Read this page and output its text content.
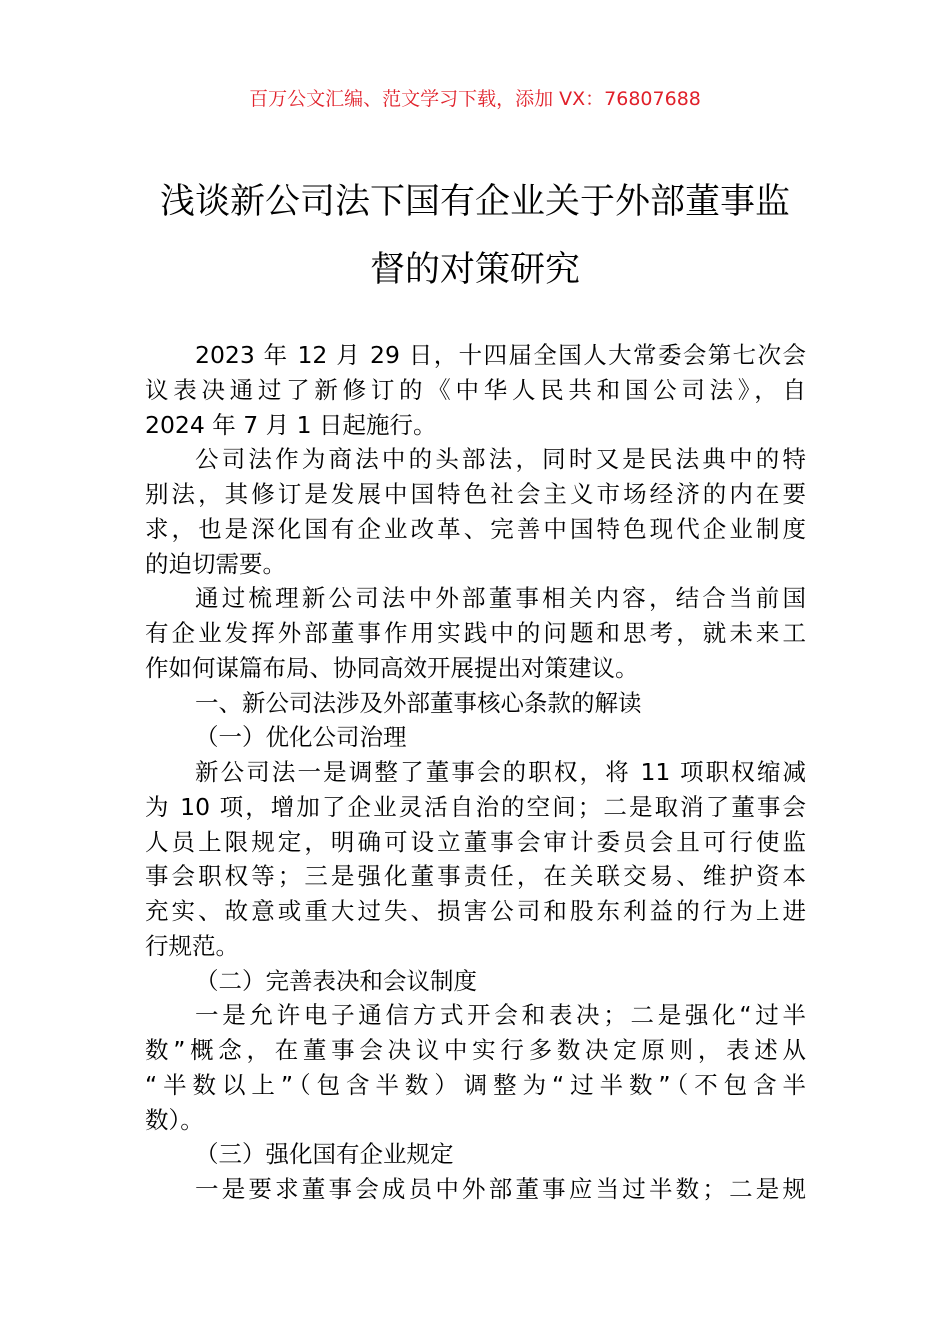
百万公文汇编、范文学习下载，添加 VX：76807688
浅谈新公司法下国有企业关于外部董事监
督的对策研究
2023 年 12 月 29 日，十四届全国人大常委会第七次会
议表决通过了新修订的《中华人民共和国公司法》，自
2024 年 7 月 1 日起施行。
公司法作为商法中的头部法，同时又是民法典中的特
别法，其修订是发展中国特色社会主义市场经济的内在要
求，也是深化国有企业改革、完善中国特色现代企业制度
的迫切需要。
通过梳理新公司法中外部董事相关内容，结合当前国
有企业发挥外部董事作用实践中的问题和思考，就未来工
作如何谋篇布局、协同高效开展提出对策建议。
一、新公司法涉及外部董事核心条款的解读
（一）优化公司治理
新公司法一是调整了董事会的职权，将 11 项职权缩减
为 10 项，增加了企业灵活自治的空间；二是取消了董事会
人员上限规定，明确可设立董事会审计委员会且可行使监
事会职权等；三是强化董事责任，在关联交易、维护资本
充实、故意或重大过失、损害公司和股东利益的行为上进
行规范。
（二）完善表决和会议制度
一是允许电子通信方式开会和表决；二是强化“过半
数”概念，在董事会决议中实行多数决定原则，表述从
“半数以上”（包含半数）调整为“过半数”（不包含半
数）。
（三）强化国有企业规定
一是要求董事会成员中外部董事应当过半数；二是规
